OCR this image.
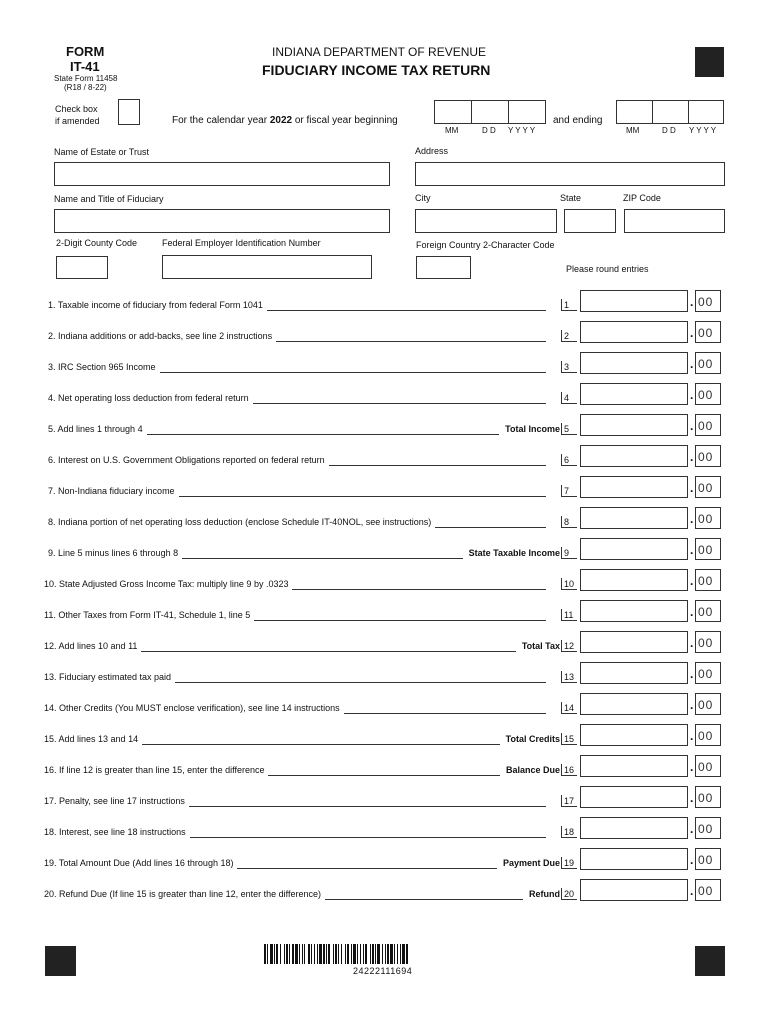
FORM
IT-41
State Form 11458
(R18 / 8-22)
INDIANA DEPARTMENT OF REVENUE
FIDUCIARY INCOME TAX RETURN
Check box
if amended	For the calendar year 2022 or fiscal year beginning
MM	D D Y Y Y Y
and ending
MM	D D Y Y Y Y
Name of Estate or Trust	Address
Name and Title of Fiduciary	City	State	ZIP Code
2-Digit County Code	Federal Employer Identification Number	Foreign Country 2-Character Code
Please round entries
1. Taxable income of fiduciary from federal Form 1041	1	. 00
2. Indiana additions or add-backs, see line 2 instructions	2	. 00
3. IRC Section 965 Income	3	. 00
4. Net operating loss deduction from federal return	4	. 00
5. Add lines 1 through 4	Total Income 5	. 00
6. Interest on U.S. Government Obligations reported on federal return	6	. 00
7. Non-Indiana fiduciary income	7	. 00
8. Indiana portion of net operating loss deduction (enclose Schedule IT-40NOL, see instructions)	8	. 00
9. Line 5 minus lines 6 through 8	State Taxable Income 9	. 00
10. State Adjusted Gross Income Tax: multiply line 9 by .0323	10	. 00
11. Other Taxes from Form IT-41, Schedule 1, line 5	11	. 00
12. Add lines 10 and 11	Total Tax 12	. 00
13. Fiduciary estimated tax paid	13	. 00
14. Other Credits (You MUST enclose verification), see line 14 instructions	14	. 00
15. Add lines 13 and 14	Total Credits 15	. 00
16. If line 12 is greater than line 15, enter the difference	Balance Due 16	. 00
17. Penalty, see line 17 instructions	17	. 00
18. Interest, see line 18 instructions	18	. 00
19. Total Amount Due (Add lines 16 through 18)	Payment Due 19	. 00
20. Refund Due (If line 15 is greater than line 12, enter the difference)	Refund 20	. 00
24222111694
